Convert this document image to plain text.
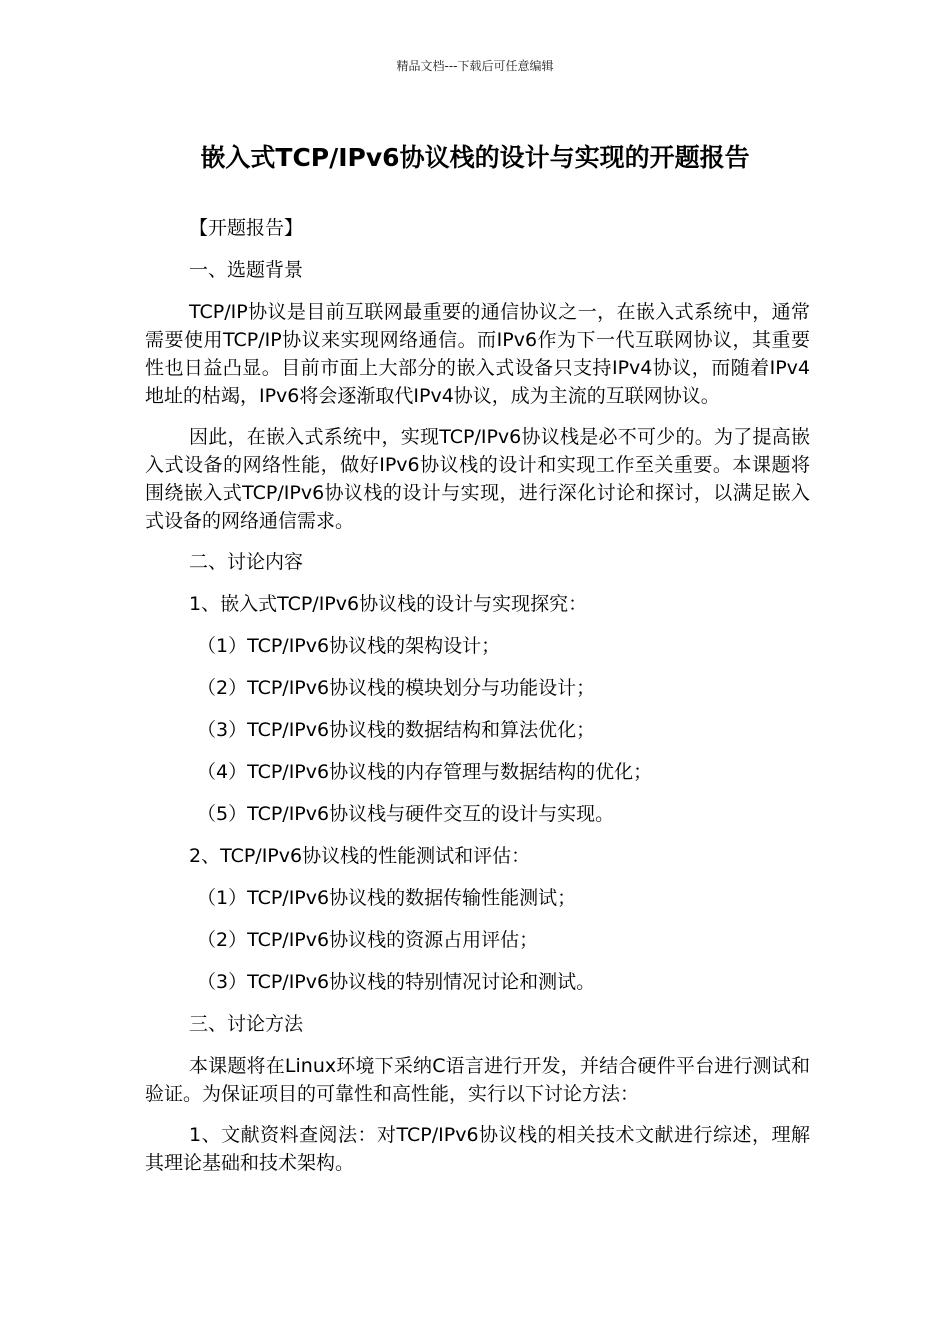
精品文档---下载后可任意编辑
嵌入式TCP/IPv6协议栈的设计与实现的开题报告

【开题报告】

一、选题背景

TCP/IP协议是目前互联网最重要的通信协议之一，在嵌入式系统中，通常需要使用TCP/IP协议来实现网络通信。而IPv6作为下一代互联网协议，其重要性也日益凸显。目前市面上大部分的嵌入式设备只支持IPv4协议，而随着IPv4地址的枯竭，IPv6将会逐渐取代IPv4协议，成为主流的互联网协议。

因此，在嵌入式系统中，实现TCP/IPv6协议栈是必不可少的。为了提高嵌入式设备的网络性能，做好IPv6协议栈的设计和实现工作至关重要。本课题将围绕嵌入式TCP/IPv6协议栈的设计与实现，进行深化讨论和探讨，以满足嵌入式设备的网络通信需求。

二、讨论内容

1、嵌入式TCP/IPv6协议栈的设计与实现探究：

（1）TCP/IPv6协议栈的架构设计；

（2）TCP/IPv6协议栈的模块划分与功能设计；

（3）TCP/IPv6协议栈的数据结构和算法优化；

（4）TCP/IPv6协议栈的内存管理与数据结构的优化；

（5）TCP/IPv6协议栈与硬件交互的设计与实现。

2、TCP/IPv6协议栈的性能测试和评估：

（1）TCP/IPv6协议栈的数据传输性能测试；

（2）TCP/IPv6协议栈的资源占用评估；

（3）TCP/IPv6协议栈的特别情况讨论和测试。

三、讨论方法

本课题将在Linux环境下采纳C语言进行开发，并结合硬件平台进行测试和验证。为保证项目的可靠性和高性能，实行以下讨论方法：

1、文献资料查阅法：对TCP/IPv6协议栈的相关技术文献进行综述，理解其理论基础和技术架构。
